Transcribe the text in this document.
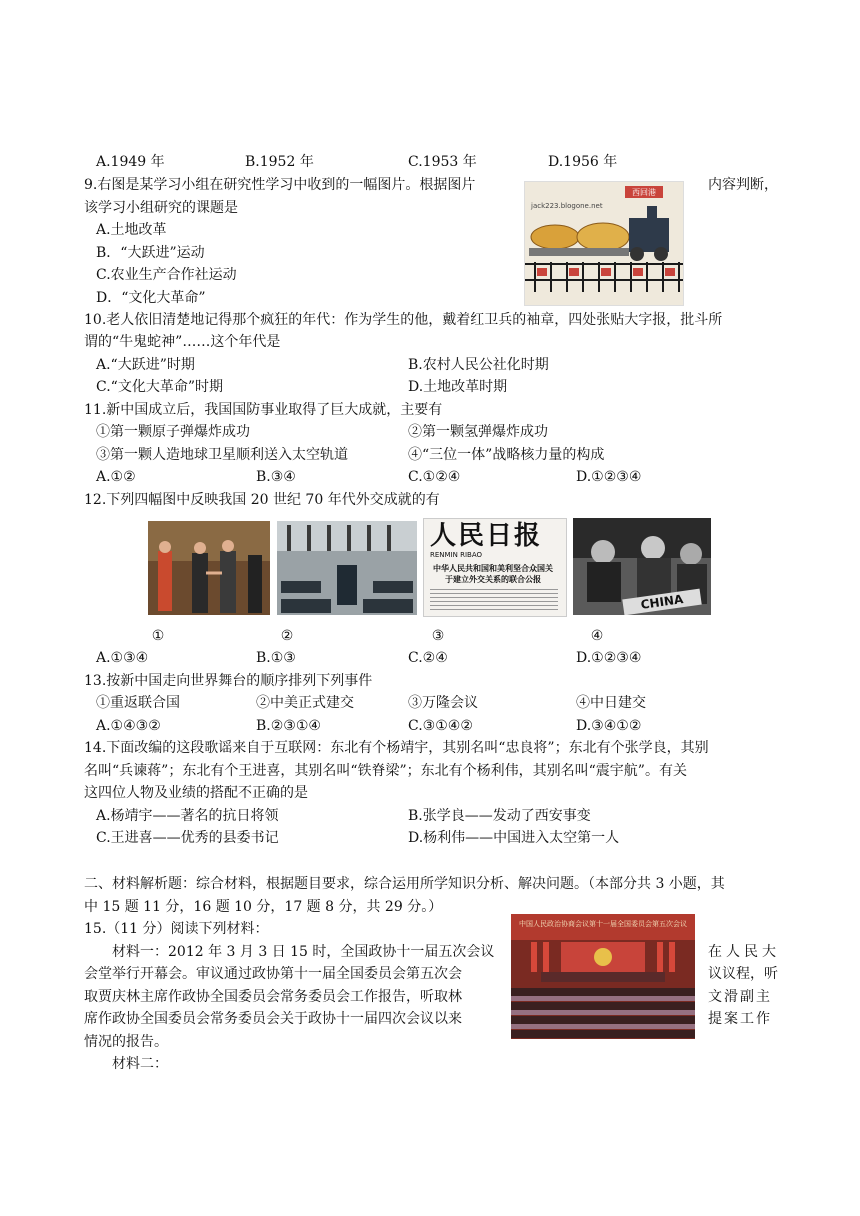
A.1949 年	B.1952 年	C.1953 年	D.1956 年
9.右图是某学习小组在研究性学习中收到的一幅图片。根据图片	内容判断，
该学习小组研究的课题是
A.土地改革
B．“大跃进”运动
C.农业生产合作社运动
D．“文化大革命”
西回港
jack223.blogone.net
10.老人依旧清楚地记得那个疯狂的年代：作为学生的他，戴着红卫兵的袖章，四处张贴大字报，批斗所
谓的“牛鬼蛇神”……这个年代是
A.“大跃进”时期	B.农村人民公社化时期
C.“文化大革命”时期	D.土地改革时期
11.新中国成立后，我国国防事业取得了巨大成就，主要有
①第一颗原子弹爆炸成功	②第一颗氢弹爆炸成功
③第一颗人造地球卫星顺利送入太空轨道	④“三位一体”战略核力量的构成
A.①②	B.③④	C.①②④	D.①②③④
12.下列四幅图中反映我国 20 世纪 70 年代外交成就的有
人民日报
RENMIN RIBAO
中华人民共和国和美利坚合众国关于建立外交关系的联合公报
CHINA
①	②	③	④
A.①③④	B.①③	C.②④	D.①②③④
13.按新中国走向世界舞台的顺序排列下列事件
①重返联合国	②中美正式建交	③万隆会议	④中日建交
A.①④③②	B.②③①④	C.③①④②	D.③④①②
14.下面改编的这段歌谣来自于互联网：东北有个杨靖宇，其别名叫“忠良将”；东北有个张学良，其别
名叫“兵谏蒋”；东北有个王进喜，其别名叫“铁脊梁”；东北有个杨利伟，其别名叫“震宇航”。有关
这四位人物及业绩的搭配不正确的是
A.杨靖宇——著名的抗日将领	B.张学良——发动了西安事变
C.王进喜——优秀的县委书记	D.杨利伟——中国进入太空第一人
二、材料解析题：综合材料，根据题目要求，综合运用所学知识分析、解决问题。（本部分共 3 小题，其
中 15 题 11 分，16 题 10 分，17 题 8 分，共 29 分。）
15.（11 分）阅读下列材料：
材料一：2012 年 3 月 3 日 15 时，全国政协十一届五次会议	在人民大
会堂举行开幕会。审议通过政协第十一届全国委员会第五次会	议议程，听
取贾庆林主席作政协全国委员会常务委员会工作报告，听取林	文滑副主
席作政协全国委员会常务委员会关于政协十一届四次会议以来	提案工作
情况的报告。
材料二：
中国人民政治协商会议第十一届全国委员会第五次会议
